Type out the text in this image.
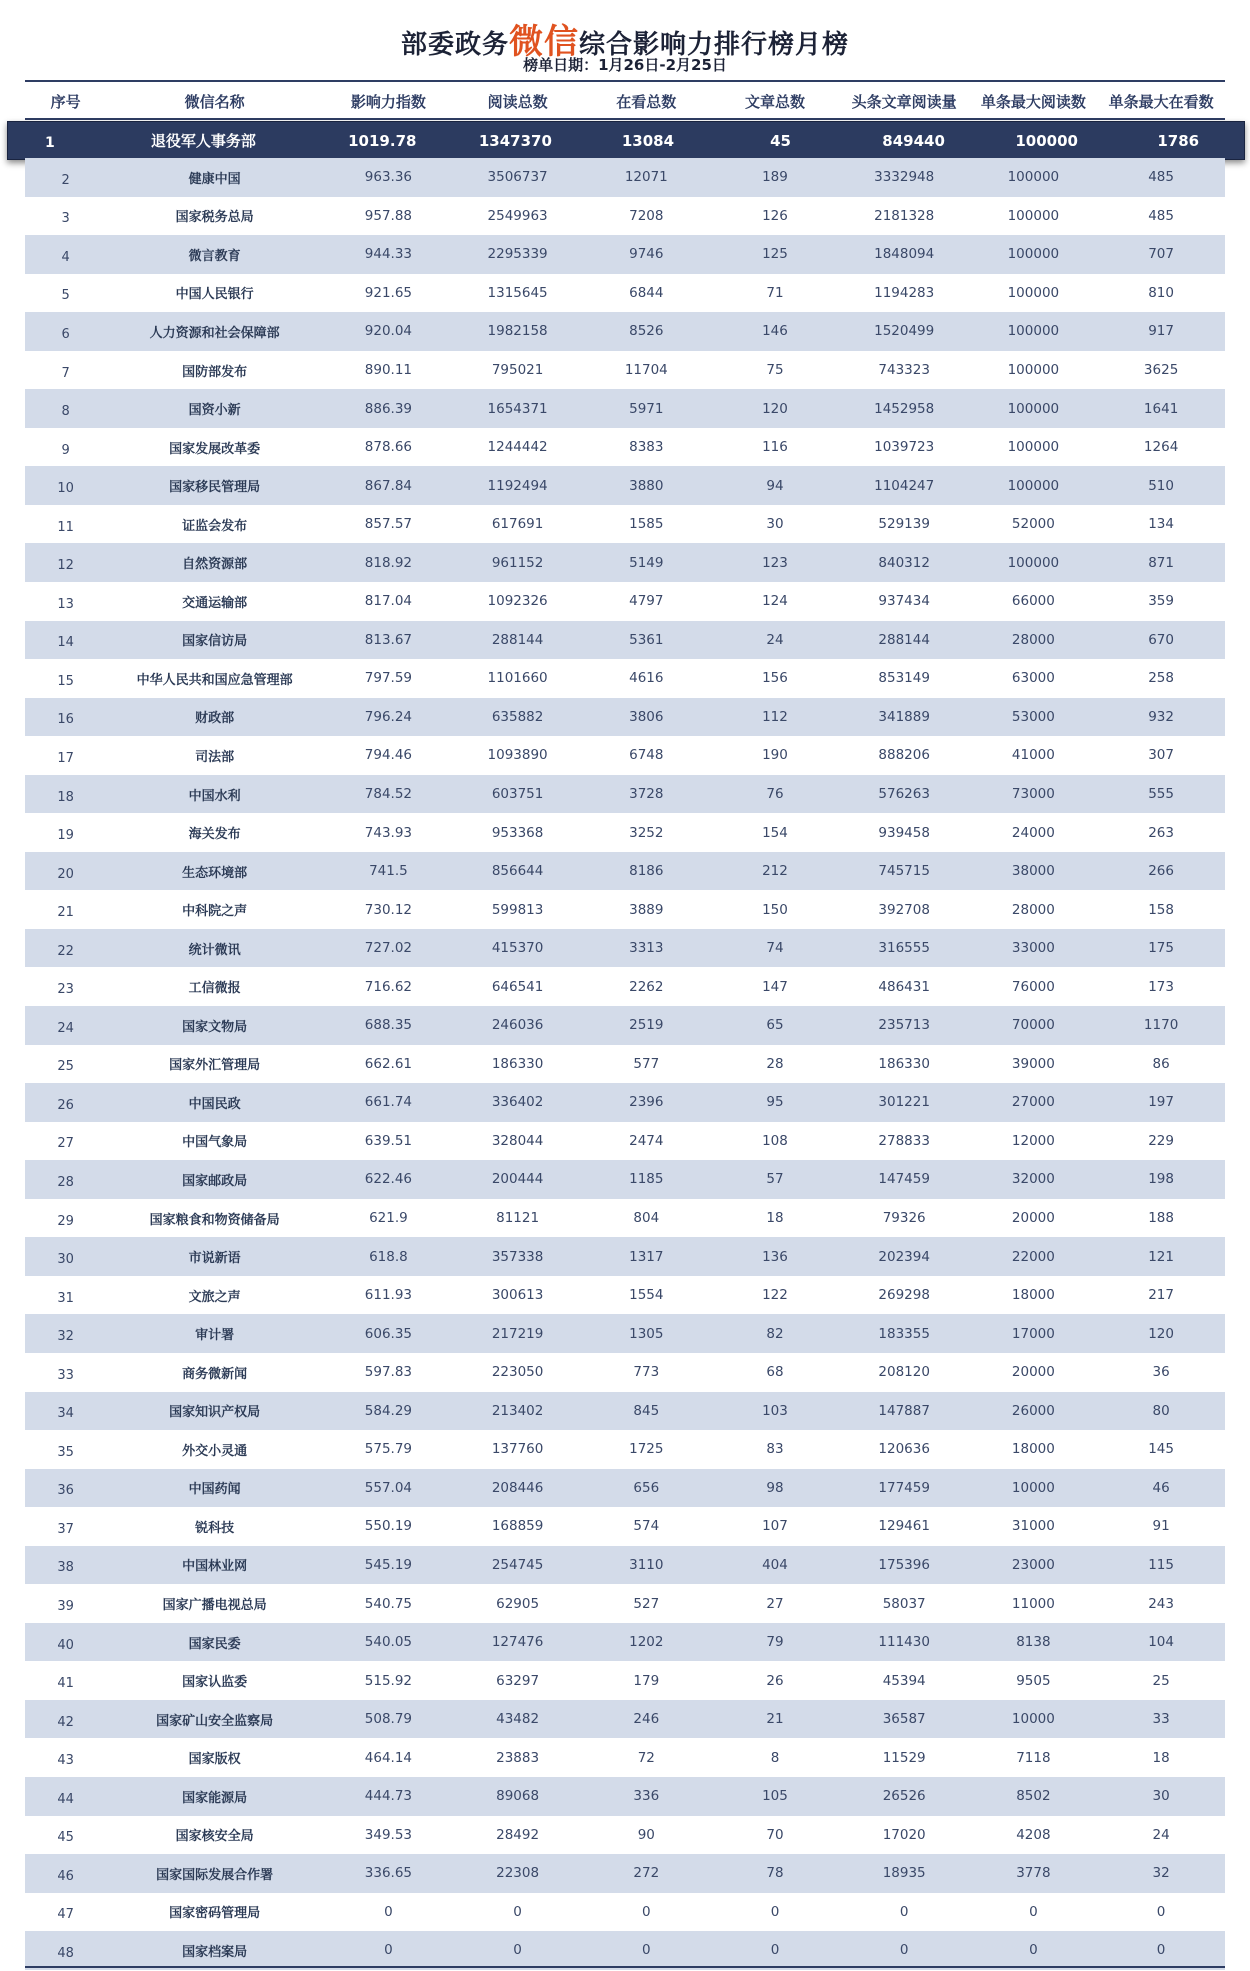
部委政务微信综合影响力排行榜月榜
榜单日期：1月26日-2月25日
序号	微信名称	影响力指数	阅读总数	在看总数	文章总数	头条文章阅读量	单条最大阅读数	单条最大在看数
1	退役军人事务部	1019.78	1347370	13084	45	849440	100000	1786
2	健康中国	963.36	3506737	12071	189	3332948	100000	485
3	国家税务总局	957.88	2549963	7208	126	2181328	100000	485
4	微言教育	944.33	2295339	9746	125	1848094	100000	707
5	中国人民银行	921.65	1315645	6844	71	1194283	100000	810
6	人力资源和社会保障部	920.04	1982158	8526	146	1520499	100000	917
7	国防部发布	890.11	795021	11704	75	743323	100000	3625
8	国资小新	886.39	1654371	5971	120	1452958	100000	1641
9	国家发展改革委	878.66	1244442	8383	116	1039723	100000	1264
10	国家移民管理局	867.84	1192494	3880	94	1104247	100000	510
11	证监会发布	857.57	617691	1585	30	529139	52000	134
12	自然资源部	818.92	961152	5149	123	840312	100000	871
13	交通运输部	817.04	1092326	4797	124	937434	66000	359
14	国家信访局	813.67	288144	5361	24	288144	28000	670
15	中华人民共和国应急管理部	797.59	1101660	4616	156	853149	63000	258
16	财政部	796.24	635882	3806	112	341889	53000	932
17	司法部	794.46	1093890	6748	190	888206	41000	307
18	中国水利	784.52	603751	3728	76	576263	73000	555
19	海关发布	743.93	953368	3252	154	939458	24000	263
20	生态环境部	741.5	856644	8186	212	745715	38000	266
21	中科院之声	730.12	599813	3889	150	392708	28000	158
22	统计微讯	727.02	415370	3313	74	316555	33000	175
23	工信微报	716.62	646541	2262	147	486431	76000	173
24	国家文物局	688.35	246036	2519	65	235713	70000	1170
25	国家外汇管理局	662.61	186330	577	28	186330	39000	86
26	中国民政	661.74	336402	2396	95	301221	27000	197
27	中国气象局	639.51	328044	2474	108	278833	12000	229
28	国家邮政局	622.46	200444	1185	57	147459	32000	198
29	国家粮食和物资储备局	621.9	81121	804	18	79326	20000	188
30	市说新语	618.8	357338	1317	136	202394	22000	121
31	文旅之声	611.93	300613	1554	122	269298	18000	217
32	审计署	606.35	217219	1305	82	183355	17000	120
33	商务微新闻	597.83	223050	773	68	208120	20000	36
34	国家知识产权局	584.29	213402	845	103	147887	26000	80
35	外交小灵通	575.79	137760	1725	83	120636	18000	145
36	中国药闻	557.04	208446	656	98	177459	10000	46
37	锐科技	550.19	168859	574	107	129461	31000	91
38	中国林业网	545.19	254745	3110	404	175396	23000	115
39	国家广播电视总局	540.75	62905	527	27	58037	11000	243
40	国家民委	540.05	127476	1202	79	111430	8138	104
41	国家认监委	515.92	63297	179	26	45394	9505	25
42	国家矿山安全监察局	508.79	43482	246	21	36587	10000	33
43	国家版权	464.14	23883	72	8	11529	7118	18
44	国家能源局	444.73	89068	336	105	26526	8502	30
45	国家核安全局	349.53	28492	90	70	17020	4208	24
46	国家国际发展合作署	336.65	22308	272	78	18935	3778	32
47	国家密码管理局	0	0	0	0	0	0	0
48	国家档案局	0	0	0	0	0	0	0
